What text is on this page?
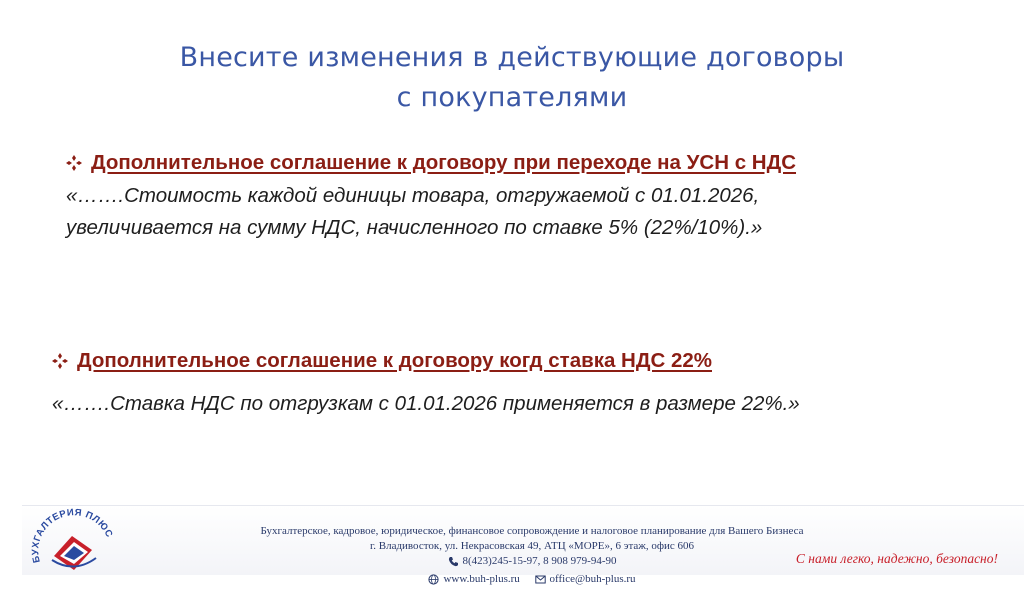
Внесите изменения в действующие договоры
с покупателями
Дополнительное соглашение к договору при переходе на УСН с НДС
«…….Стоимость каждой единицы товара, отгружаемой с 01.01.2026,
увеличивается на сумму НДС, начисленного по ставке 5% (22%/10%).»
Дополнительное соглашение к договору когд ставка НДС 22%
«…….Ставка НДС по отгрузкам с 01.01.2026 применяется в размере 22%.»
БУХГАЛТЕРИЯ ПЛЮС	Бухгалтерское, кадровое, юридическое, финансовое сопровождение и налоговое планирование для Вашего Бизнеса
г. Владивосток, ул. Некрасовская 49, АТЦ «МОРЕ», 6 этаж, офис 606
8(423)245-15-97, 8 908 979-94-90
www.buh-plus.ru
	office@buh-plus.ru
С нами легко, надежно, безопасно!
